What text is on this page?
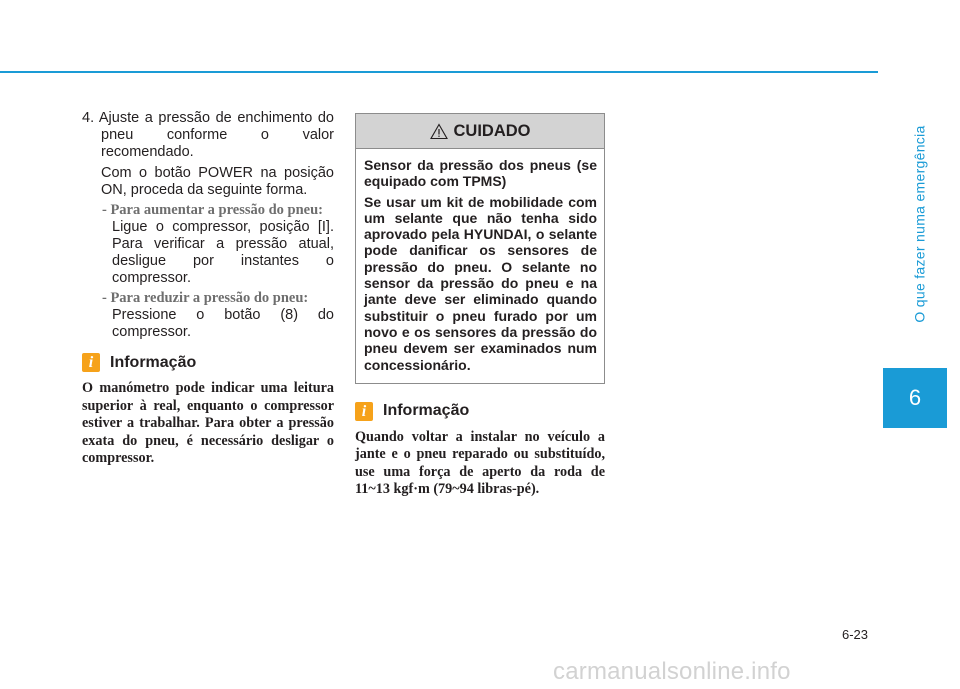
O que fazer numa emergência
6
4. Ajuste a pressão de enchimento do pneu conforme o valor recomendado.
Com o botão POWER na posição ON, proceda da seguinte forma.
- Para aumentar a pressão do pneu:
Ligue o compressor, posição [I]. Para verificar a pressão atual, desligue por instantes o compressor.
- Para reduzir a pressão do pneu:
Pressione o botão (8) do compressor.
i	Informação
O manómetro pode indicar uma leitura superior à real, enquanto o compressor estiver a trabalhar. Para obter a pressão exata do pneu, é necessário desligar o compressor.
CUIDADO

Sensor da pressão dos pneus (se equipado com TPMS)

Se usar um kit de mobilidade com um selante que não tenha sido aprovado pela HYUNDAI, o selante pode danificar os sensores de pressão do pneu. O selante no sensor da pressão do pneu e na jante deve ser eliminado quando substituir o pneu furado por um novo e os sensores da pressão do pneu devem ser examinados num concessionário.

i	Informação
Quando voltar a instalar no veículo a jante e o pneu reparado ou substituído, use uma força de aperto da roda de 11~13 kgf·m (79~94 libras-pé).
6-23
carmanualsonline.info
